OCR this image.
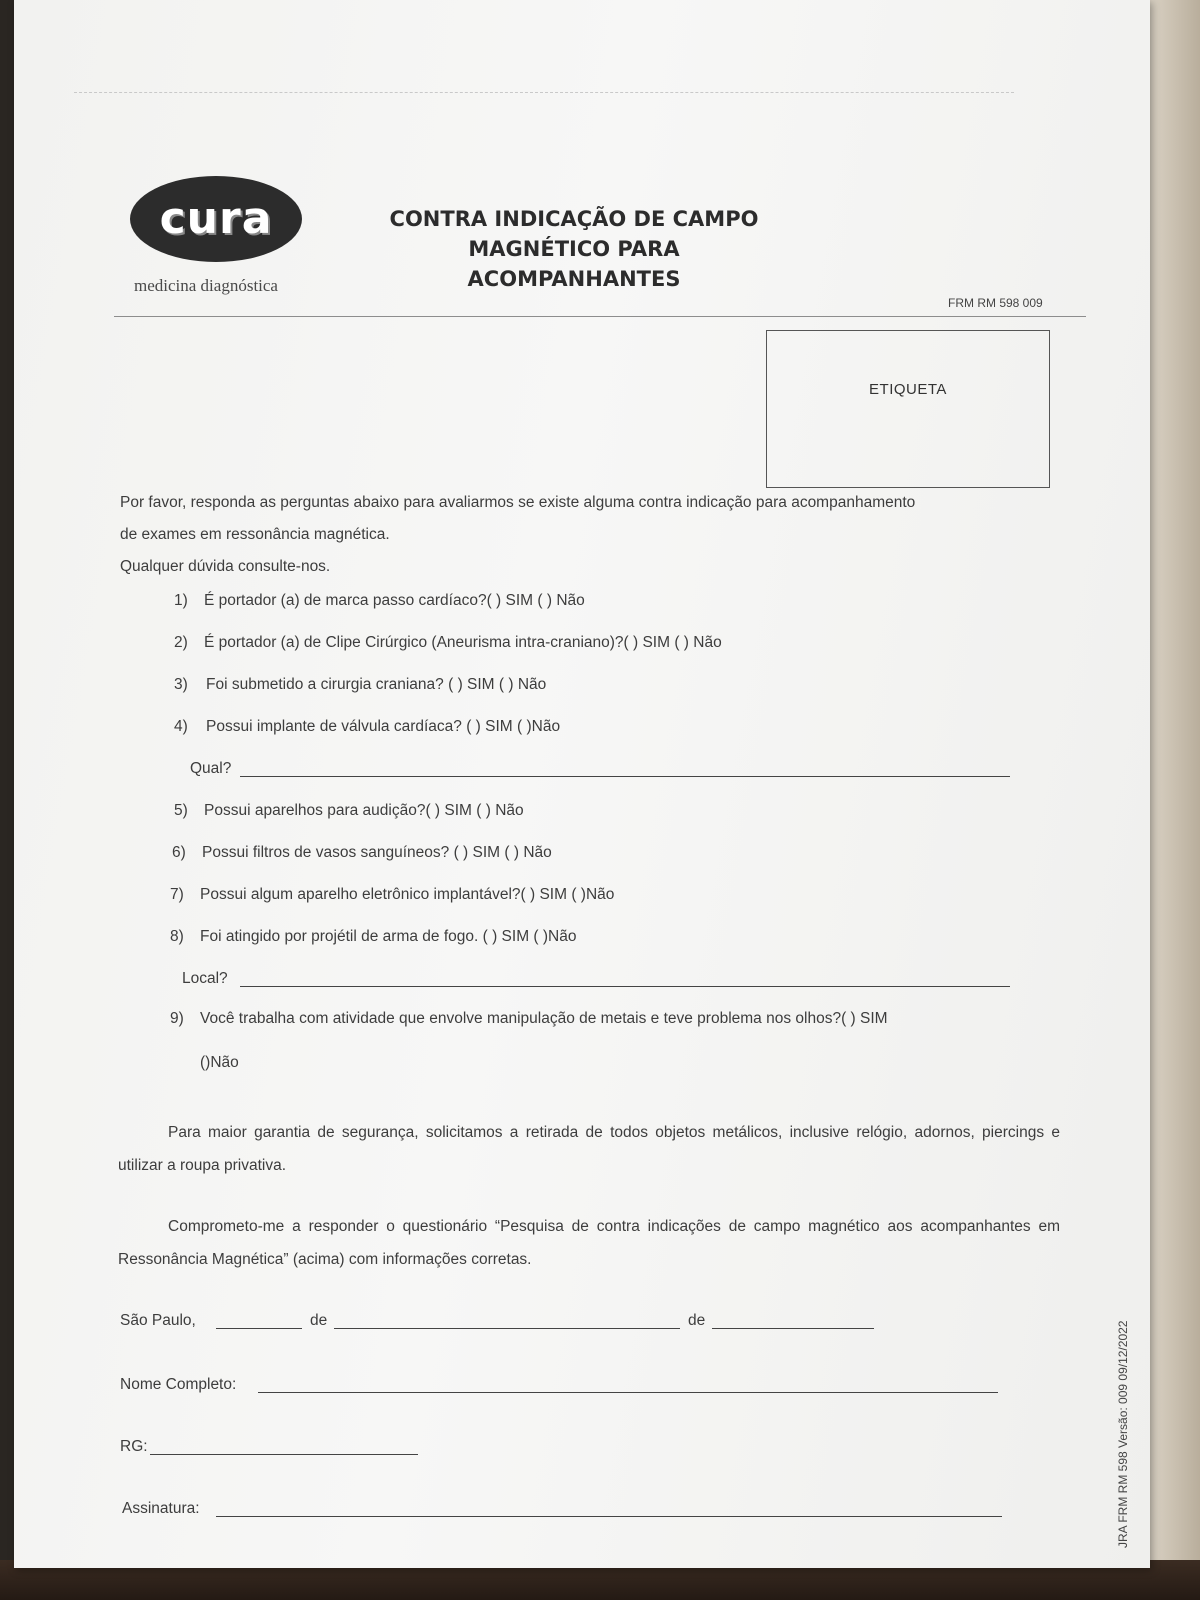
cura
medicina diagnóstica
CONTRA INDICAÇÃO DE CAMPO
MAGNÉTICO PARA
ACOMPANHANTES
FRM RM 598 009
ETIQUETA
Por favor, responda as perguntas abaixo para avaliarmos se existe alguma contra indicação para acompanhamento
de exames em ressonância magnética.
Qualquer dúvida consulte-nos.
1) É portador (a) de marca passo cardíaco?( ) SIM ( ) Não
2) É portador (a) de Clipe Cirúrgico (Aneurisma intra-craniano)?( ) SIM ( ) Não
3) Foi submetido a cirurgia craniana? ( ) SIM ( ) Não
4) Possui implante de válvula cardíaca? ( ) SIM ( )Não
Qual?
5) Possui aparelhos para audição?( ) SIM ( ) Não
6) Possui filtros de vasos sanguíneos? ( ) SIM ( ) Não
7) Possui algum aparelho eletrônico implantável?( ) SIM ( )Não
8) Foi atingido por projétil de arma de fogo. ( ) SIM ( )Não
Local?
9) Você trabalha com atividade que envolve manipulação de metais e teve problema nos olhos?( ) SIM
()Não
Para maior garantia de segurança, solicitamos a retirada de todos objetos metálicos, inclusive relógio, adornos, piercings e utilizar a roupa privativa.
Comprometo-me a responder o questionário “Pesquisa de contra indicações de campo magnético aos acompanhantes em Ressonância Magnética” (acima) com informações corretas.
São Paulo,	de	de
Nome Completo:
RG:
Assinatura:	JRA FRM RM 598 Versão: 009 09/12/2022
